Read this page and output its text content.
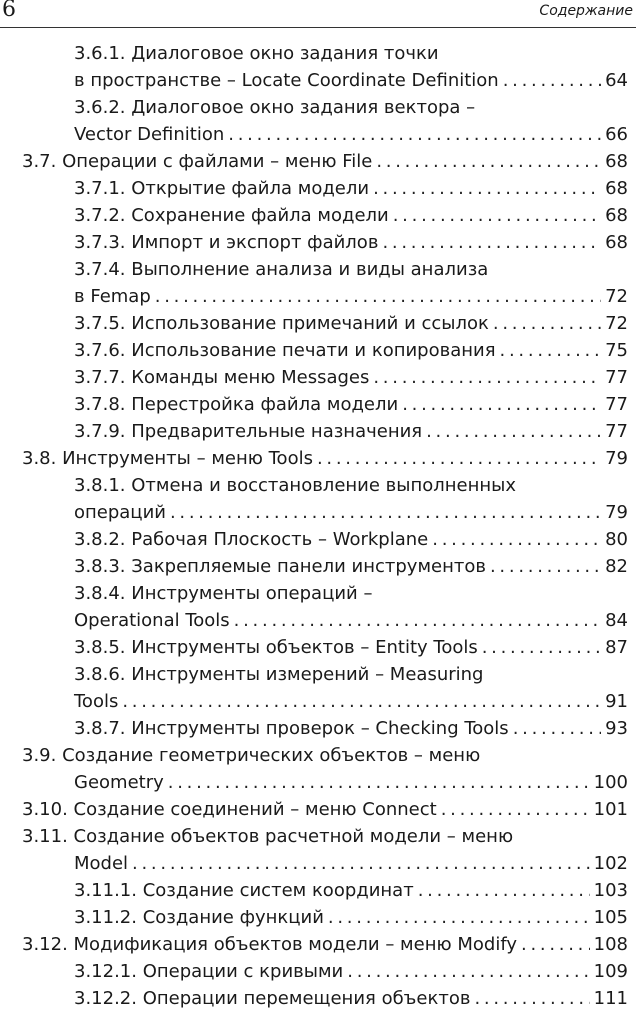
6	Содержание
3.6.1. Диалоговое окно задания точки
в пространстве – Locate Coordinate Definition . . .	64
3.6.2. Диалоговое окно задания вектора –
Vector Definition . . .	66
3.7. Операции с файлами – меню File . . .	68
3.7.1. Открытие файла модели . . .	68
3.7.2. Сохранение файла модели . . .	68
3.7.3. Импорт и экспорт файлов . . .	68
3.7.4. Выполнение анализа и виды анализа
в Femap . . .	72
3.7.5. Использование примечаний и ссылок . . .	72
3.7.6. Использование печати и копирования . . .	75
3.7.7. Команды меню Messages . . .	77
3.7.8. Перестройка файла модели . . .	77
3.7.9. Предварительные назначения . . .	77
3.8. Инструменты – меню Tools . . .	79
3.8.1. Отмена и восстановление выполненных
операций . . .	79
3.8.2. Рабочая Плоскость – Workplane . . .	80
3.8.3. Закрепляемые панели инструментов . . .	82
3.8.4. Инструменты операций –
Operational Tools . . .	84
3.8.5. Инструменты объектов – Entity Tools . . .	87
3.8.6. Инструменты измерений – Measuring
Tools . . .	91
3.8.7. Инструменты проверок – Checking Tools . . .	93
3.9. Создание геометрических объектов – меню
Geometry . . .	100
3.10. Создание соединений – меню Connect . . .	101
3.11. Создание объектов расчетной модели – меню
Model . . .	102
3.11.1. Создание систем координат . . .	103
3.11.2. Создание функций . . .	105
3.12. Модификация объектов модели – меню Modify . . .	108
3.12.1. Операции с кривыми . . .	109
3.12.2. Операции перемещения объектов . . .	111
